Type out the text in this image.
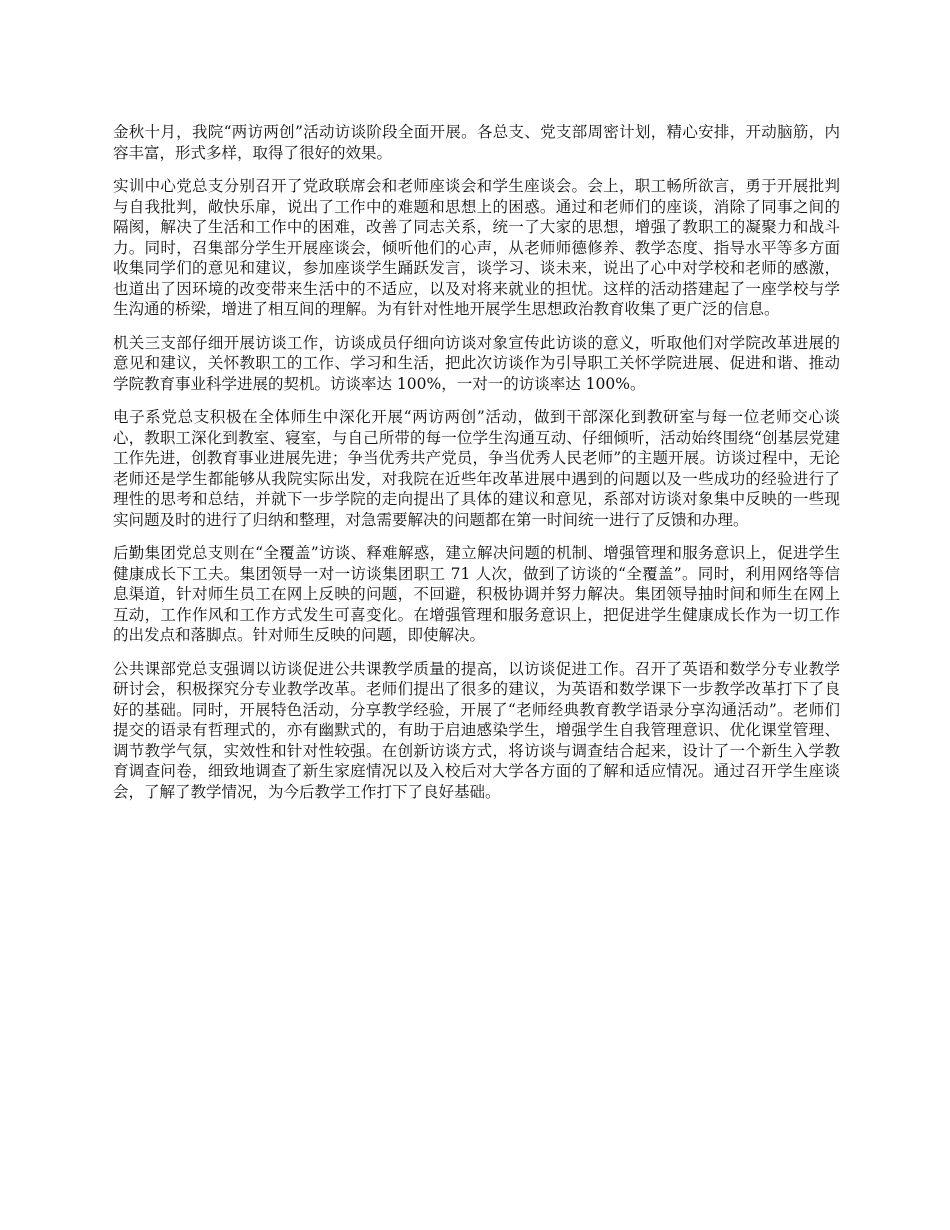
金秋十月，我院“两访两创”活动访谈阶段全面开展。各总支、党支部周密计划，精心安排，开动脑筋，内容丰富，形式多样，取得了很好的效果。

实训中心党总支分别召开了党政联席会和老师座谈会和学生座谈会。会上，职工畅所欲言，勇于开展批判与自我批判，敞快乐扉，说出了工作中的难题和思想上的困惑。通过和老师们的座谈，消除了同事之间的隔阂，解决了生活和工作中的困难，改善了同志关系，统一了大家的思想，增强了教职工的凝聚力和战斗力。同时，召集部分学生开展座谈会，倾听他们的心声，从老师师德修养、教学态度、指导水平等多方面收集同学们的意见和建议，参加座谈学生踊跃发言，谈学习、谈未来，说出了心中对学校和老师的感激，也道出了因环境的改变带来生活中的不适应，以及对将来就业的担忧。这样的活动搭建起了一座学校与学生沟通的桥梁，增进了相互间的理解。为有针对性地开展学生思想政治教育收集了更广泛的信息。

机关三支部仔细开展访谈工作，访谈成员仔细向访谈对象宣传此访谈的意义，听取他们对学院改革进展的意见和建议，关怀教职工的工作、学习和生活，把此次访谈作为引导职工关怀学院进展、促进和谐、推动学院教育事业科学进展的契机。访谈率达 100%，一对一的访谈率达 100%。

电子系党总支积极在全体师生中深化开展“两访两创”活动，做到干部深化到教研室与每一位老师交心谈心，教职工深化到教室、寝室，与自己所带的每一位学生沟通互动、仔细倾听，活动始终围绕“创基层党建工作先进，创教育事业进展先进；争当优秀共产党员，争当优秀人民老师”的主题开展。访谈过程中，无论老师还是学生都能够从我院实际出发，对我院在近些年改革进展中遇到的问题以及一些成功的经验进行了理性的思考和总结，并就下一步学院的走向提出了具体的建议和意见，系部对访谈对象集中反映的一些现实问题及时的进行了归纳和整理，对急需要解决的问题都在第一时间统一进行了反馈和办理。

后勤集团党总支则在“全覆盖”访谈、释难解惑，建立解决问题的机制、增强管理和服务意识上，促进学生健康成长下工夫。集团领导一对一访谈集团职工 71 人次，做到了访谈的“全覆盖”。同时，利用网络等信息渠道，针对师生员工在网上反映的问题，不回避，积极协调并努力解决。集团领导抽时间和师生在网上互动，工作作风和工作方式发生可喜变化。在增强管理和服务意识上，把促进学生健康成长作为一切工作的出发点和落脚点。针对师生反映的问题，即使解决。

公共课部党总支强调以访谈促进公共课教学质量的提高，以访谈促进工作。召开了英语和数学分专业教学研讨会，积极探究分专业教学改革。老师们提出了很多的建议，为英语和数学课下一步教学改革打下了良好的基础。同时，开展特色活动，分享教学经验，开展了“老师经典教育教学语录分享沟通活动”。老师们提交的语录有哲理式的，亦有幽默式的，有助于启迪感染学生，增强学生自我管理意识、优化课堂管理、调节教学气氛，实效性和针对性较强。在创新访谈方式，将访谈与调查结合起来，设计了一个新生入学教育调查问卷，细致地调查了新生家庭情况以及入校后对大学各方面的了解和适应情况。通过召开学生座谈会，了解了教学情况，为今后教学工作打下了良好基础。
